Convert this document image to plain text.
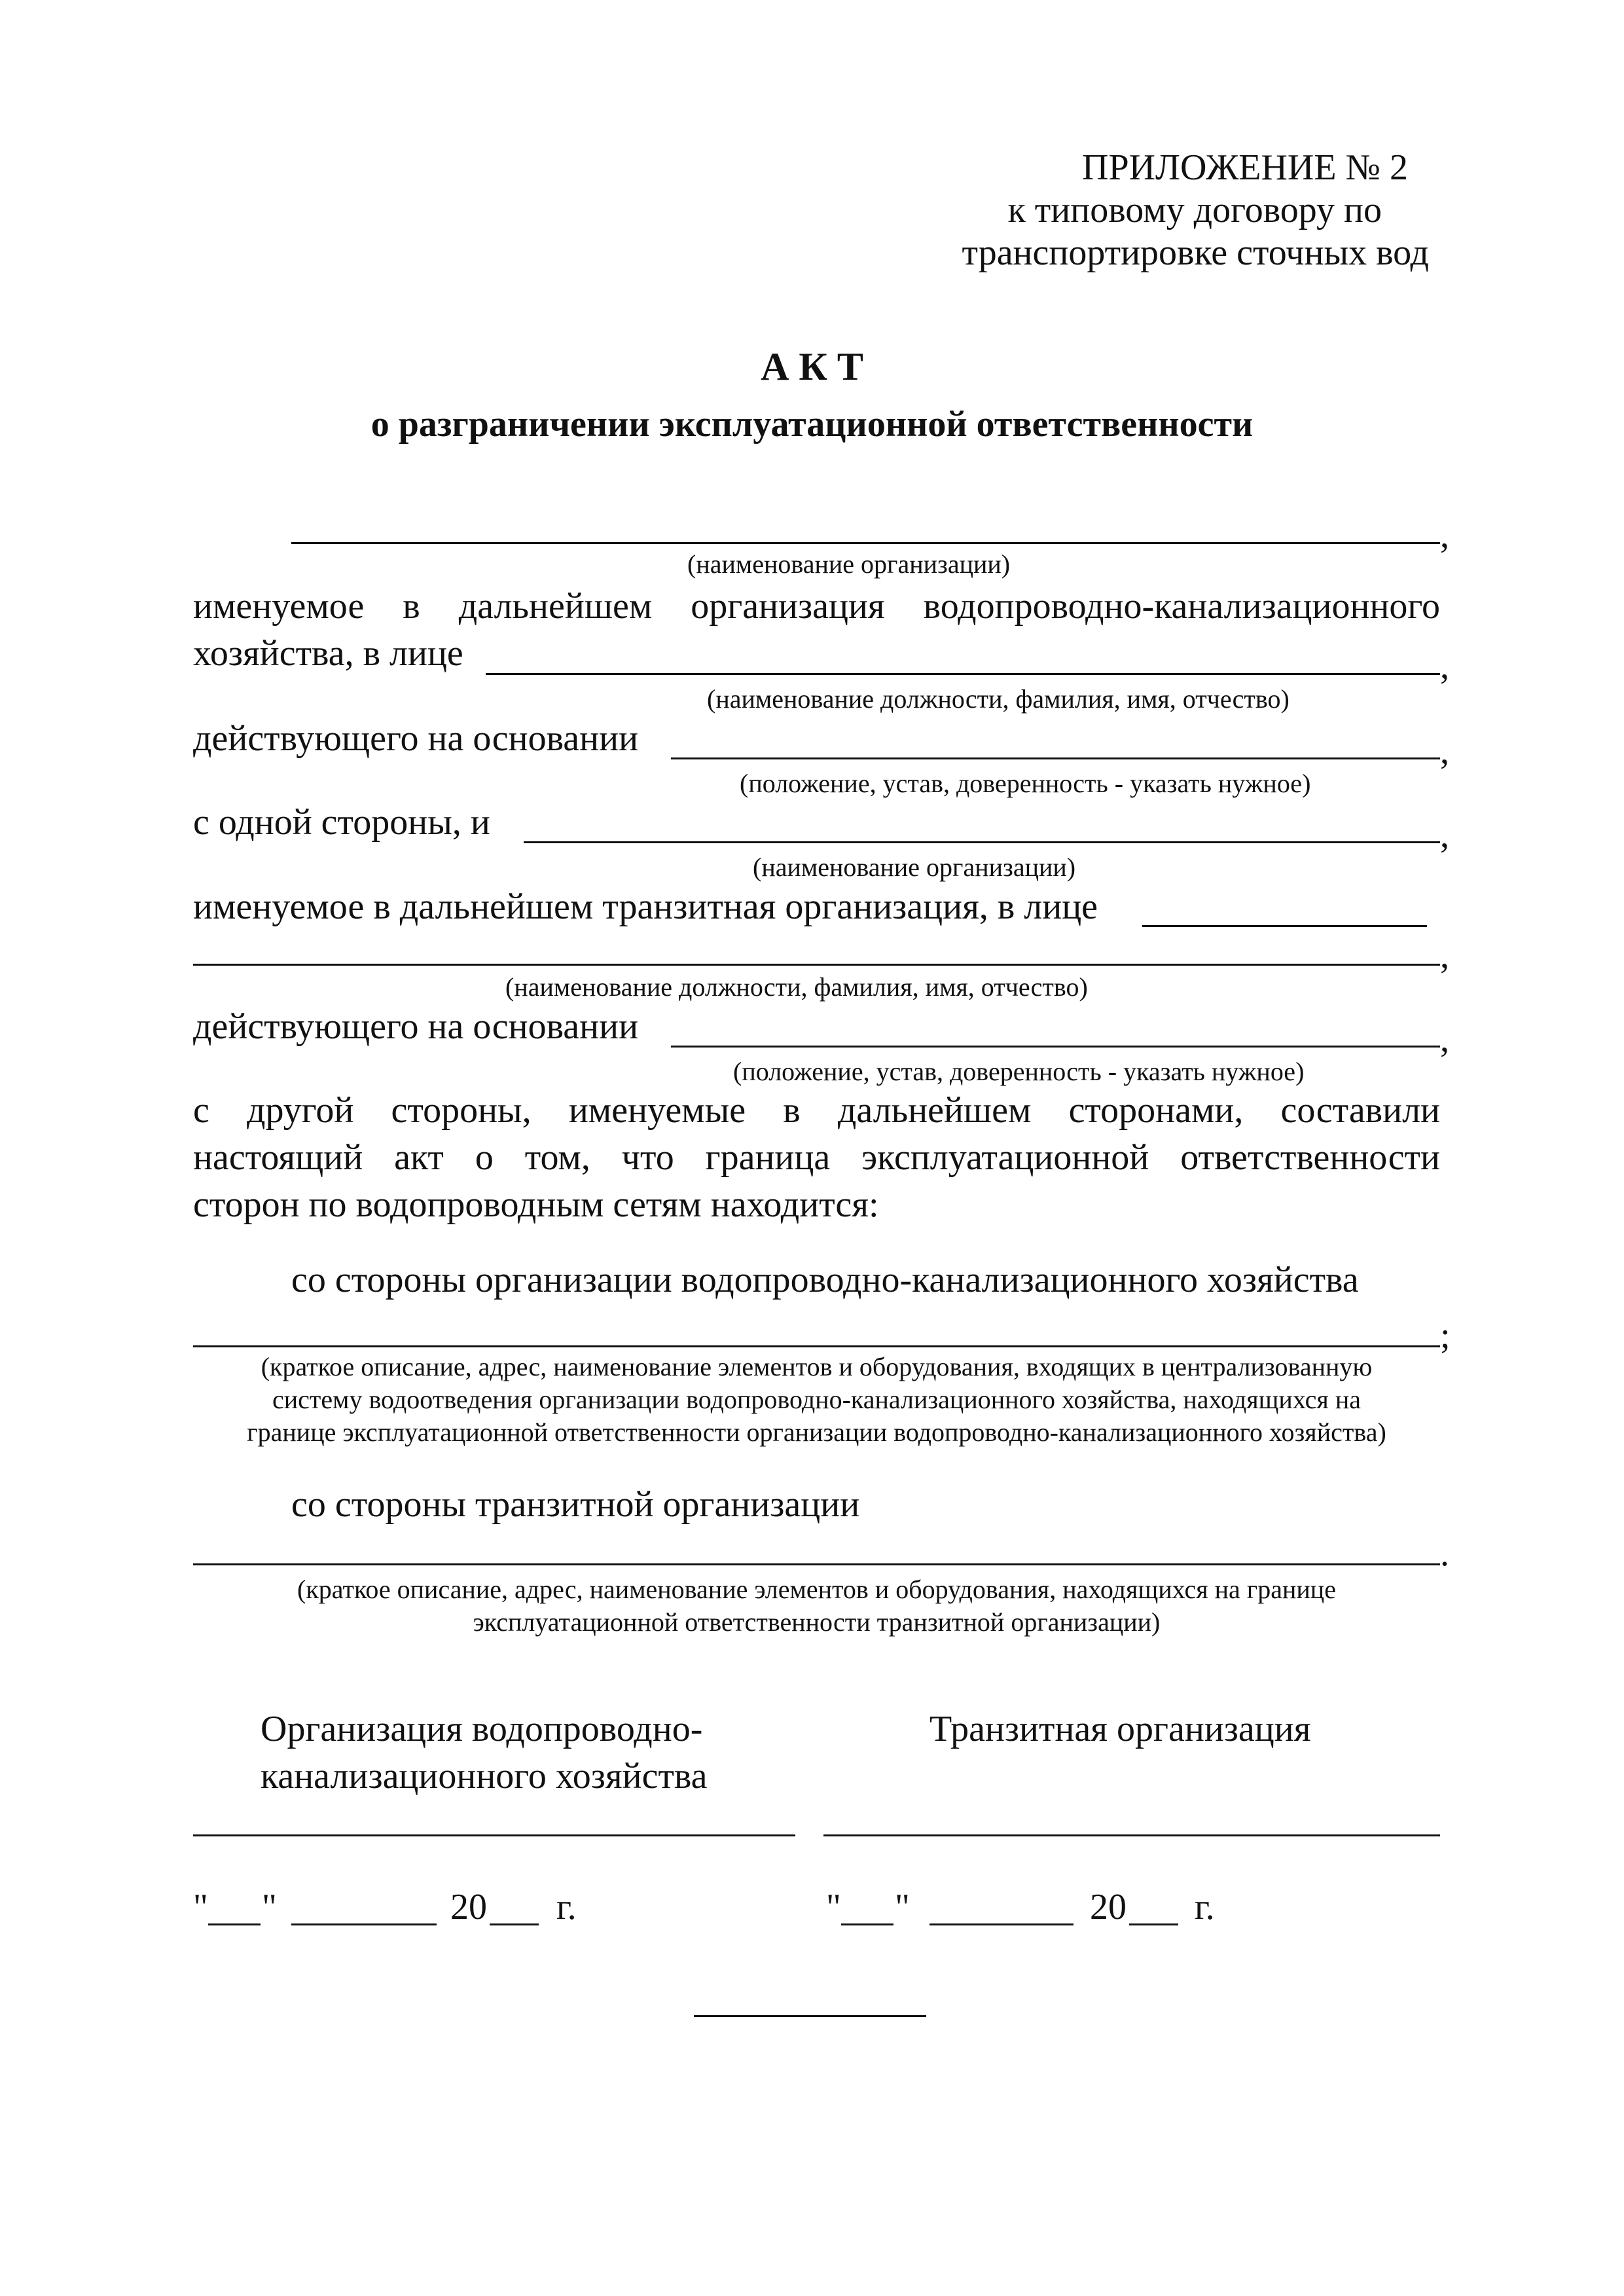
ПРИЛОЖЕНИЕ № 2
к типовому договору по
транспортировке сточных вод
А К Т
о разграничении эксплуатационной ответственности
,
(наименование организации)
именуемое в дальнейшем организация водопроводно-канализационного
хозяйства, в лице	,
(наименование должности, фамилия, имя, отчество)
действующего на основании	,
(положение, устав, доверенность - указать нужное)
с одной стороны, и	,
(наименование организации)
именуемое в дальнейшем транзитная организация, в лице
,
(наименование должности, фамилия, имя, отчество)
действующего на основании	,
(положение, устав, доверенность - указать нужное)
с другой стороны, именуемые в дальнейшем сторонами, составили
настоящий акт о том, что граница эксплуатационной ответственности
сторон по водопроводным сетям находится:
со стороны организации водопроводно-канализационного хозяйства
;
(краткое описание, адрес, наименование элементов и оборудования, входящих в централизованную
систему водоотведения организации водопроводно-канализационного хозяйства, находящихся на
границе эксплуатационной ответственности организации водопроводно-канализационного хозяйства)
со стороны транзитной организации
.
(краткое описание, адрес, наименование элементов и оборудования, находящихся на границе
эксплуатационной ответственности транзитной организации)
Организация водопроводно-
канализационного хозяйства
Транзитная организация
" "	20 г.	" "	20 г.
